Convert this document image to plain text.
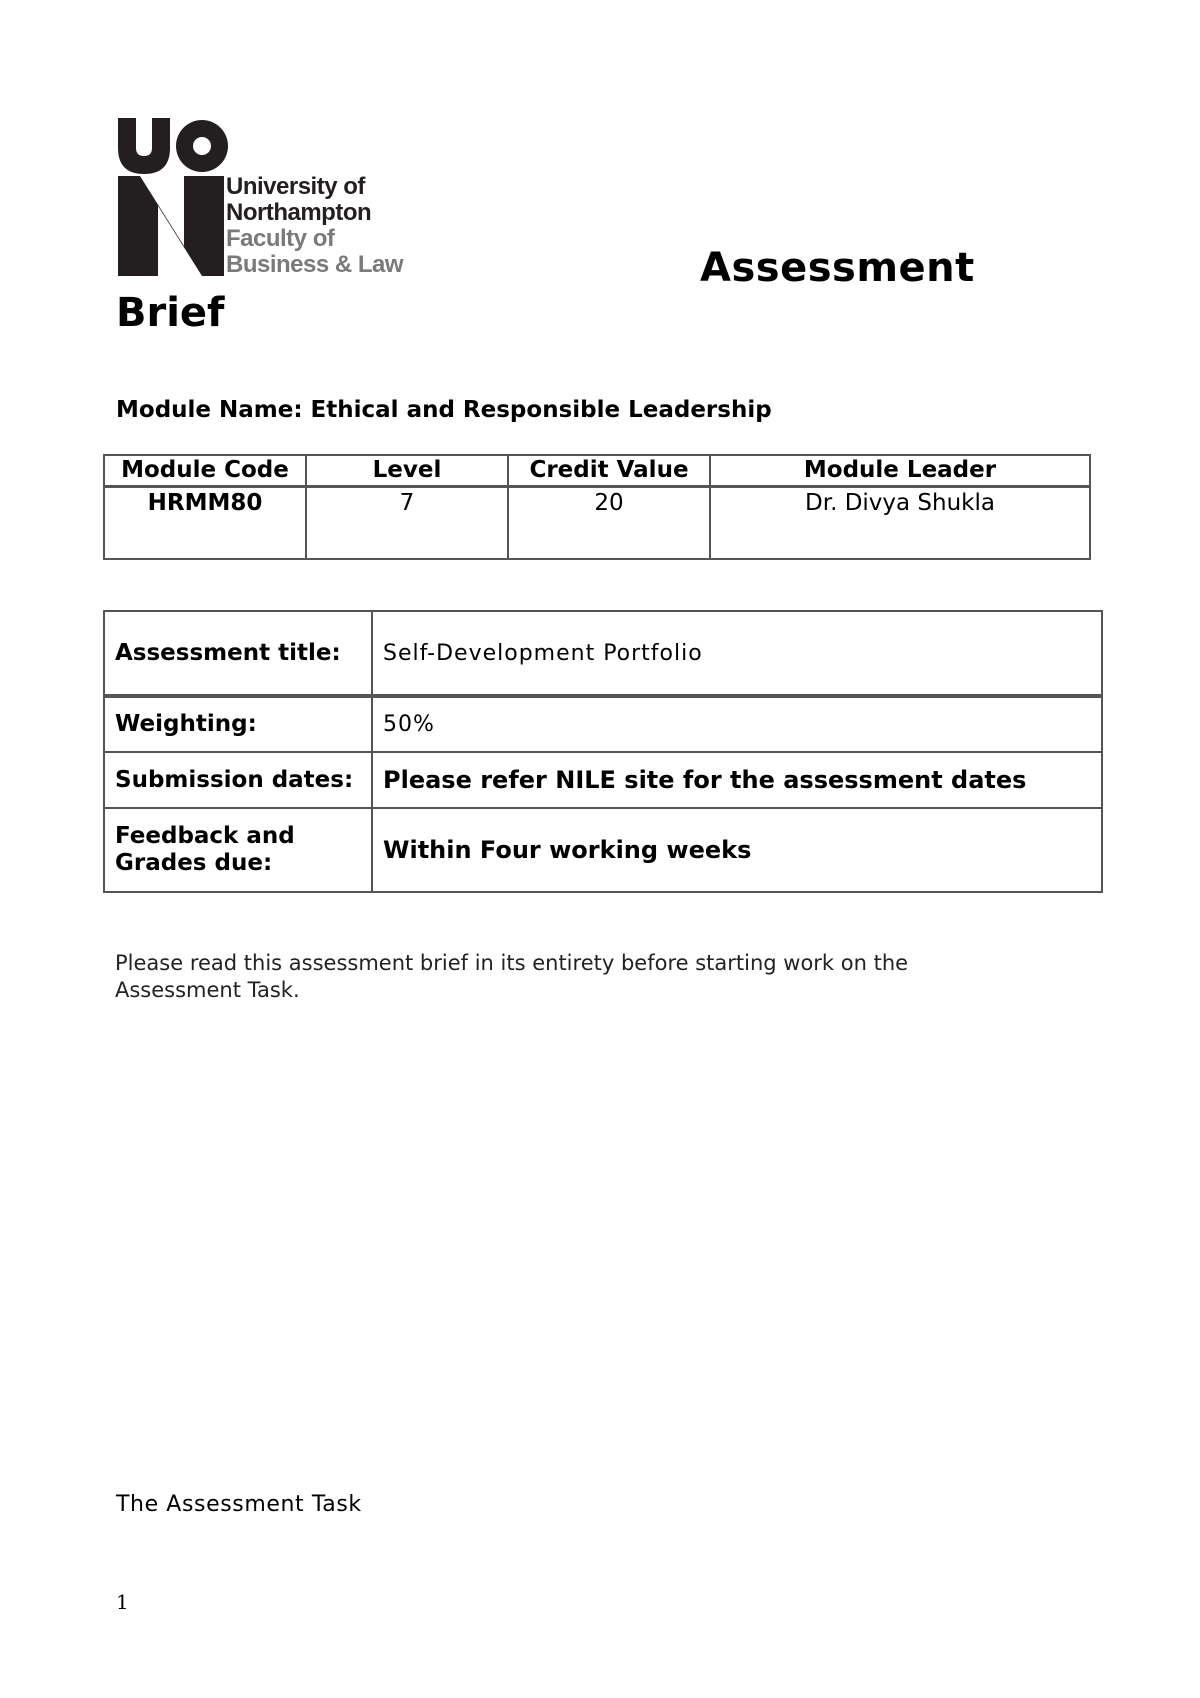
University of
Northampton
Faculty of
Business & Law	Assessment
Brief
Module Name: Ethical and Responsible Leadership
Module Code	Level	Credit Value	Module Leader
HRMM80	7	20	Dr. Divya Shukla
Assessment title:	Self-Development Portfolio
Weighting:	50%
Submission dates:	Please refer NILE site for the assessment dates
Feedback and Grades due:	Within Four working weeks
Please read this assessment brief in its entirety before starting work on the Assessment Task.
The Assessment Task
1
